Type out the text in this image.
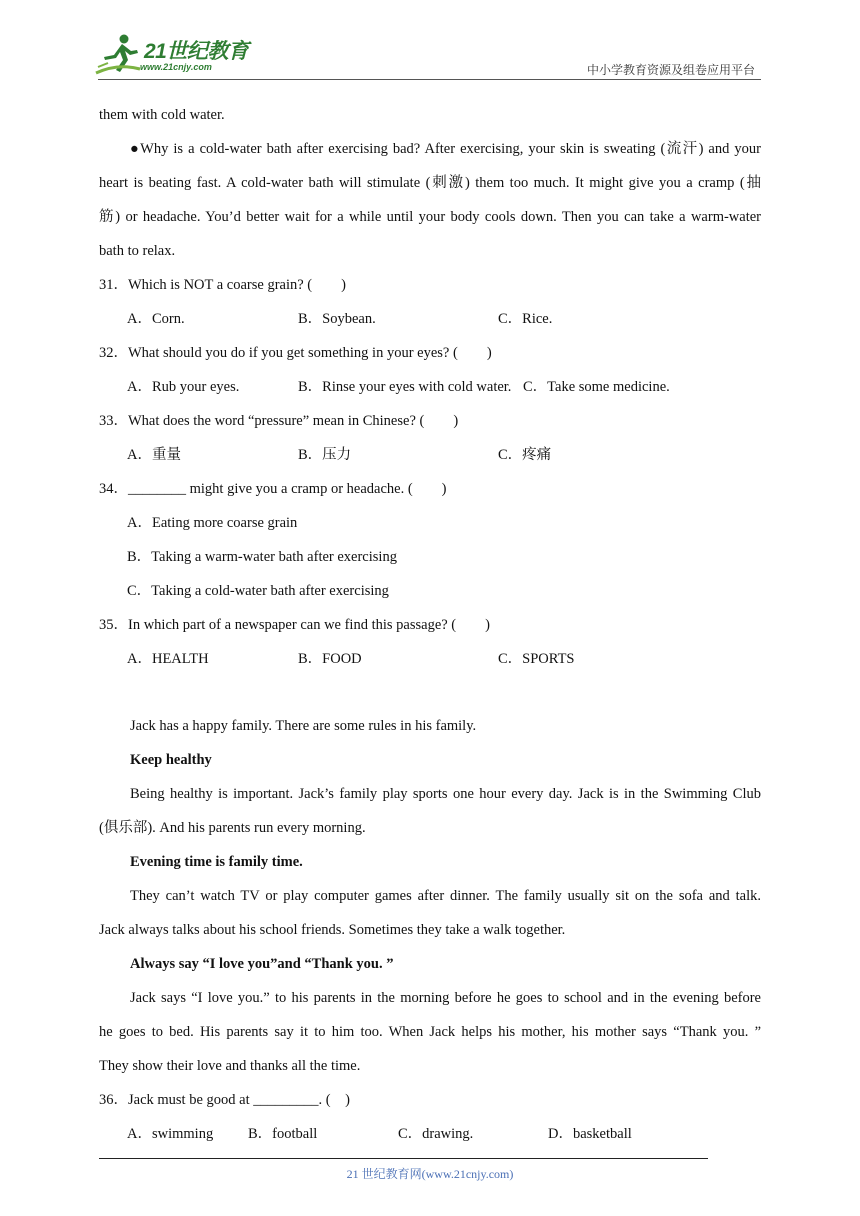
21世纪教育
www.21cnjy.com	中小学教育资源及组卷应用平台
them with cold water.
●Why is a cold-water bath after exercising bad? After exercising, your skin is sweating (流汗) and your
heart is beating fast. A cold-water bath will stimulate (刺激) them too much. It might give you a cramp (抽
筋) or headache. You’d better wait for a while until your body cools down. Then you can take a warm-water
bath to relax.
31．Which is NOT a coarse grain? (　　)
A．Corn.	B．Soybean.	C．Rice.
32．What should you do if you get something in your eyes? (　　)
A．Rub your eyes.	B．Rinse your eyes with cold water. C．Take some medicine.
33．What does the word “pressure” mean in Chinese? (　　)
A．重量	B．压力	C．疼痛
34．________ might give you a cramp or headache. (　　)
A．Eating more coarse grain
B．Taking a warm-water bath after exercising
C．Taking a cold-water bath after exercising
35．In which part of a newspaper can we find this passage? (　　)
A．HEALTH	B．FOOD	C．SPORTS
Jack has a happy family. There are some rules in his family.
Keep healthy
Being healthy is important. Jack’s family play sports one hour every day. Jack is in the Swimming Club
(俱乐部). And his parents run every morning.
Evening time is family time.
They can’t watch TV or play computer games after dinner. The family usually sit on the sofa and talk.
Jack always talks about his school friends. Sometimes they take a walk together.
Always say “I love you”and “Thank you. ”
Jack says “I love you.” to his parents in the morning before he goes to school and in the evening before
he goes to bed. His parents say it to him too. When Jack helps his mother, his mother says “Thank you. ”
They show their love and thanks all the time.
36．Jack must be good at _________. (　)
A．swimming B．football	C．drawing.	D．basketball
21 世纪教育网(www.21cnjy.com)
